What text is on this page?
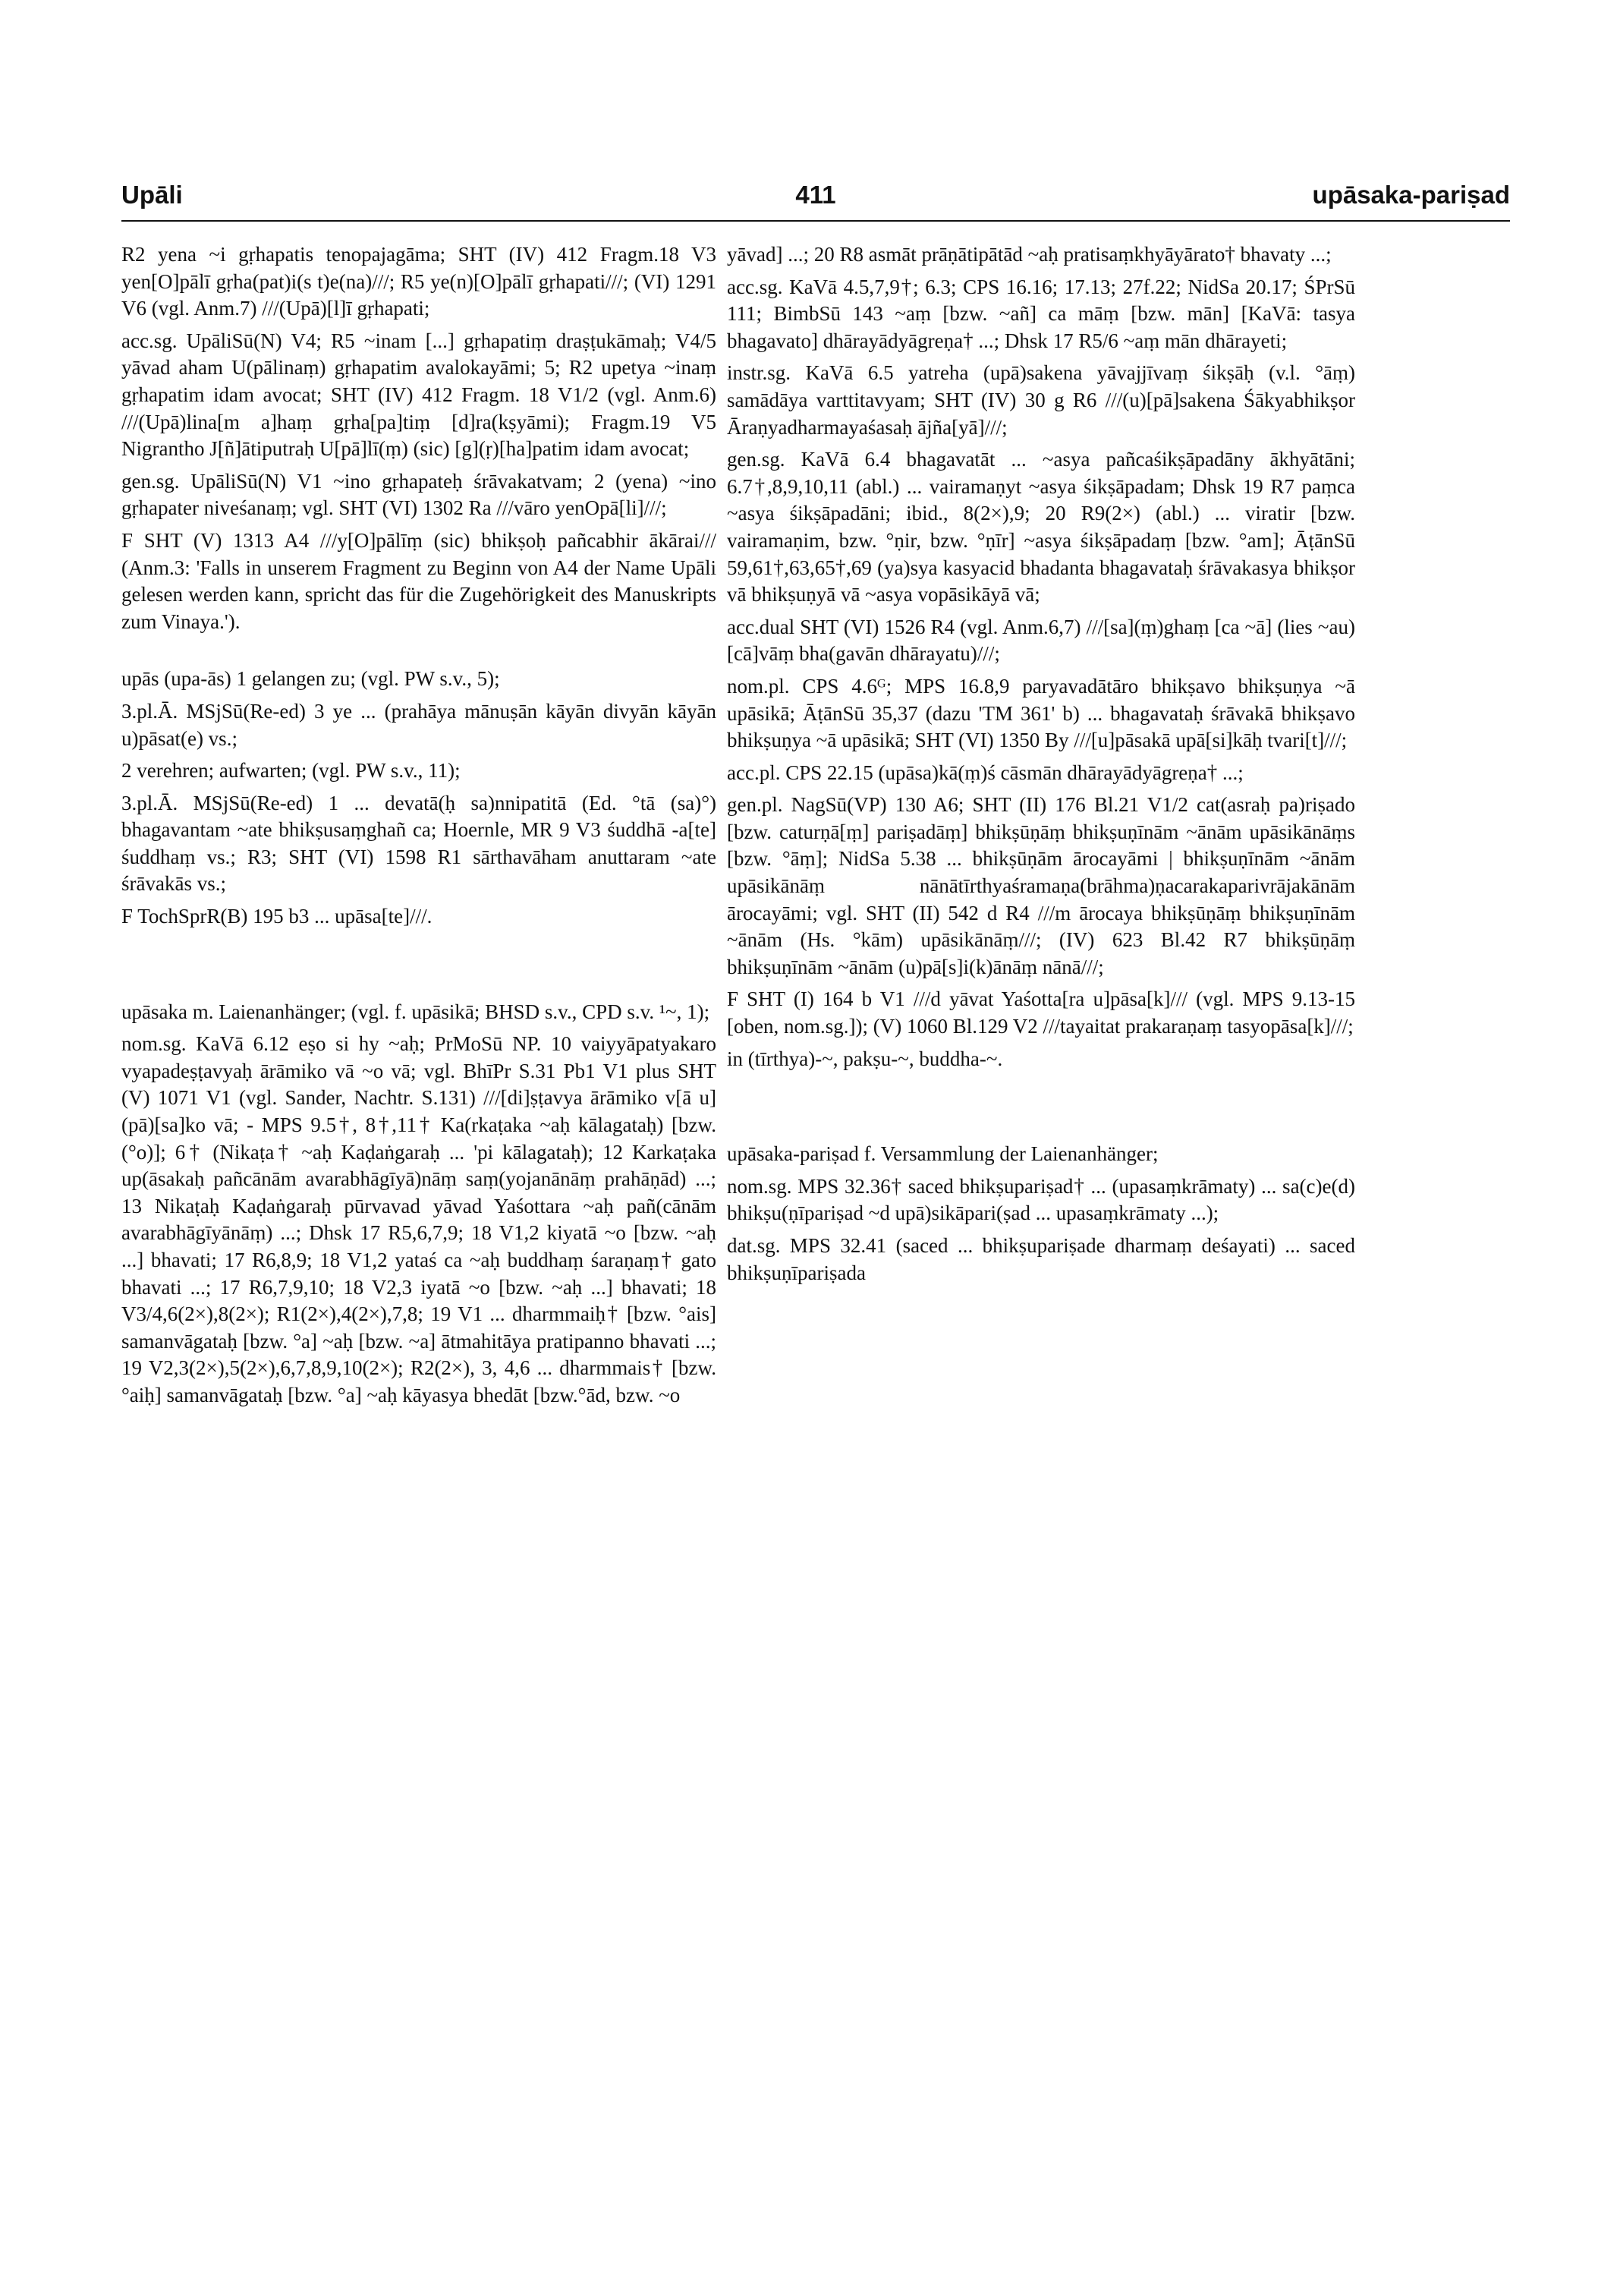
Upāli	411	upāsaka-pariṣad

R2 yena ~i gṛhapatis tenopajagāma; SHT (IV) 412 Fragm.18 V3 yen[O]pālī gṛha(pat)i(s t)e(na)///; R5 ye(n)[O]pālī gṛhapati///; (VI) 1291 V6 (vgl. Anm.7) ///(Upā)[l]ī gṛhapati;

acc.sg. UpāliSū(N) V4; R5 ~inam [...] gṛhapatiṃ draṣṭukāmaḥ; V4/5 yāvad aham U(pālinaṃ) gṛhapatim avalokayāmi; 5; R2 upetya ~inaṃ gṛhapatim idam avocat; SHT (IV) 412 Fragm. 18 V1/2 (vgl. Anm.6) ///(Upā)lina[m a]haṃ gṛha[pa]tiṃ [d]ra(kṣyāmi); Fragm.19 V5 Nigrantho J[ñ]ātiputraḥ U[pā]lī(ṃ) (sic) [g](ṛ)[ha]patim idam avocat;

gen.sg. UpāliSū(N) V1 ~ino gṛhapateḥ śrāvakatvam; 2 (yena) ~ino gṛhapater niveśanaṃ; vgl. SHT (VI) 1302 Ra ///vāro yenOpā[li]///;

F SHT (V) 1313 A4 ///y[O]pālīṃ (sic) bhikṣoḥ pañcabhir ākārai/// (Anm.3: 'Falls in unserem Fragment zu Beginn von A4 der Name Upāli gelesen werden kann, spricht das für die Zugehörigkeit des Manuskripts zum Vinaya.').

upās (upa-ās) 1 gelangen zu; (vgl. PW s.v., 5);

3.pl.Ā. MSjSū(Re-ed) 3 ye ... (prahāya mānuṣān kāyān divyān kāyān u)pāsat(e) vs.;

2 verehren; aufwarten; (vgl. PW s.v., 11);

3.pl.Ā. MSjSū(Re-ed) 1 ... devatā(ḥ sa)nnipatitā (Ed. °tā (sa)°) bhagavantam ~ate bhikṣusaṃghañ ca; Hoernle, MR 9 V3 śuddhā -a[te] śuddhaṃ vs.; R3; SHT (VI) 1598 R1 sārthavāham anuttaram ~ate śrāvakās vs.;

F TochSprR(B) 195 b3 ... upāsa[te]///.

upāsaka m. Laienanhänger; (vgl. f. upāsikā; BHSD s.v., CPD s.v. ¹~, 1);

nom.sg. KaVā 6.12 eṣo si hy ~aḥ; PrMoSū NP. 10 vaiyyāpatyakaro vyapadeṣṭavyaḥ ārāmiko vā ~o vā; vgl. BhīPr S.31 Pb1 V1 plus SHT (V) 1071 V1 (vgl. Sander, Nachtr. S.131) ///[di]ṣṭavya ārāmiko v[ā u](pā)[sa]ko vā; - MPS 9.5†, 8†,11† Ka(rkaṭaka ~aḥ kālagataḥ) [bzw. (°o)]; 6† (Nikaṭa† ~aḥ Kaḍaṅgaraḥ ... 'pi kālagataḥ); 12 Karkaṭaka up(āsakaḥ pañcānām avarabhāgīyā)nāṃ saṃ(yojanānāṃ prahāṇād) ...; 13 Nikaṭaḥ Kaḍaṅgaraḥ pūrvavad yāvad Yaśottara ~aḥ pañ(cānām avarabhāgīyānāṃ) ...; Dhsk 17 R5,6,7,9; 18 V1,2 kiyatā ~o [bzw. ~aḥ ...] bhavati; 17 R6,8,9; 18 V1,2 yataś ca ~aḥ buddhaṃ śaraṇaṃ† gato bhavati ...; 17 R6,7,9,10; 18 V2,3 iyatā ~o [bzw. ~aḥ ...] bhavati; 18 V3/4,6(2×),8(2×); R1(2×),4(2×),7,8; 19 V1 ... dharmmaiḥ† [bzw. °ais] samanvāgataḥ [bzw. °a] ~aḥ [bzw. ~a] ātmahitāya pratipanno bhavati ...; 19 V2,3(2×),5(2×),6,7,8,9,10(2×); R2(2×), 3, 4,6 ... dharmmais† [bzw. °aiḥ] samanvāgataḥ [bzw. °a] ~aḥ kāyasya bhedāt [bzw.°ād, bzw. ~o

yāvad] ...; 20 R8 asmāt prāṇātipātād ~aḥ pratisaṃkhyāyāratо† bhavaty ...;

acc.sg. KaVā 4.5,7,9†; 6.3; CPS 16.16; 17.13; 27f.22; NidSa 20.17; ŚPrSū 111; BimbSū 143 ~aṃ [bzw. ~añ] ca māṃ [bzw. mān] [KaVā: tasya bhagavato] dhārayādyāgreṇa† ...; Dhsk 17 R5/6 ~aṃ mān dhārayeti;

instr.sg. KaVā 6.5 yatreha (upā)sakena yāvajjīvaṃ śikṣāḥ (v.l. °āṃ) samādāya varttitavyam; SHT (IV) 30 g R6 ///(u)[pā]sakena Śākyabhikṣor Āraṇyadharmayaśasaḥ ājña[yā]///;

gen.sg. KaVā 6.4 bhagavatāt ... ~asya pañcaśikṣāpadāny ākhyātāni; 6.7†,8,9,10,11 (abl.) ... vairamaṇyt ~asya śikṣāpadam; Dhsk 19 R7 paṃca ~asya śikṣāpadāni; ibid., 8(2×),9; 20 R9(2×) (abl.) ... viratir [bzw. vairamaṇim, bzw. °ṇir, bzw. °ṇīr] ~asya śikṣāpadaṃ [bzw. °am]; ĀṭānSū 59,61†,63,65†,69 (ya)sya kasyacid bhadanta bhagavataḥ śrāvakasya bhikṣor vā bhikṣuṇyā vā ~asya vopāsikāyā vā;

acc.dual SHT (VI) 1526 R4 (vgl. Anm.6,7) ///[sa](ṃ)ghaṃ [ca ~ā] (lies ~au) [cā]vāṃ bha(gavān dhārayatu)///;

nom.pl. CPS 4.6ᴳ; MPS 16.8,9 paryavadātāro bhikṣavo bhikṣuṇya ~ā upāsikā; ĀṭānSū 35,37 (dazu 'TM 361' b) ... bhagavataḥ śrāvakā bhikṣavo bhikṣuṇya ~ā upāsikā; SHT (VI) 1350 By ///[u]pāsakā upā[si]kāḥ tvari[t]///;

acc.pl. CPS 22.15 (upāsa)kā(ṃ)ś cāsmān dhārayādyāgreṇa† ...;

gen.pl. NagSū(VP) 130 A6; SHT (II) 176 Bl.21 V1/2 cat(asraḥ pa)riṣado [bzw. caturṇā[ṃ] pariṣadāṃ] bhikṣūṇāṃ bhikṣuṇīnām ~ānām upāsikānāṃs [bzw. °āṃ]; NidSa 5.38 ... bhikṣūṇām ārocayāmi | bhikṣuṇīnām ~ānām upāsikānāṃ nānātīrthyaśramaṇa(brāhma)ṇacarakaparivrājakānām ārocayāmi; vgl. SHT (II) 542 d R4 ///m ārocaya bhikṣūṇāṃ bhikṣuṇīnām ~ānām (Hs. °kām) upāsikānāṃ///; (IV) 623 Bl.42 R7 bhikṣūṇāṃ bhikṣuṇīnām ~ānām (u)pā[s]i(k)ānāṃ nānā///;

F SHT (I) 164 b V1 ///d yāvat Yaśotta[ra u]pāsa[k]/// (vgl. MPS 9.13-15 [oben, nom.sg.]); (V) 1060 Bl.129 V2 ///tayaitat prakaraṇaṃ tasyopāsa[k]///;

in (tīrthya)-~, pakṣu-~, buddha-~.

upāsaka-pariṣad f. Versammlung der Laienanhänger;

nom.sg. MPS 32.36† saced bhikṣupariṣad† ... (upasaṃkrāmaty) ... sa(c)e(d) bhikṣu(ṇīpariṣad ~d upā)sikāpari(ṣad ... upasaṃkrāmaty ...);

dat.sg. MPS 32.41 (saced ... bhikṣupariṣade dharmaṃ deśayati) ... saced bhikṣuṇīpariṣada
